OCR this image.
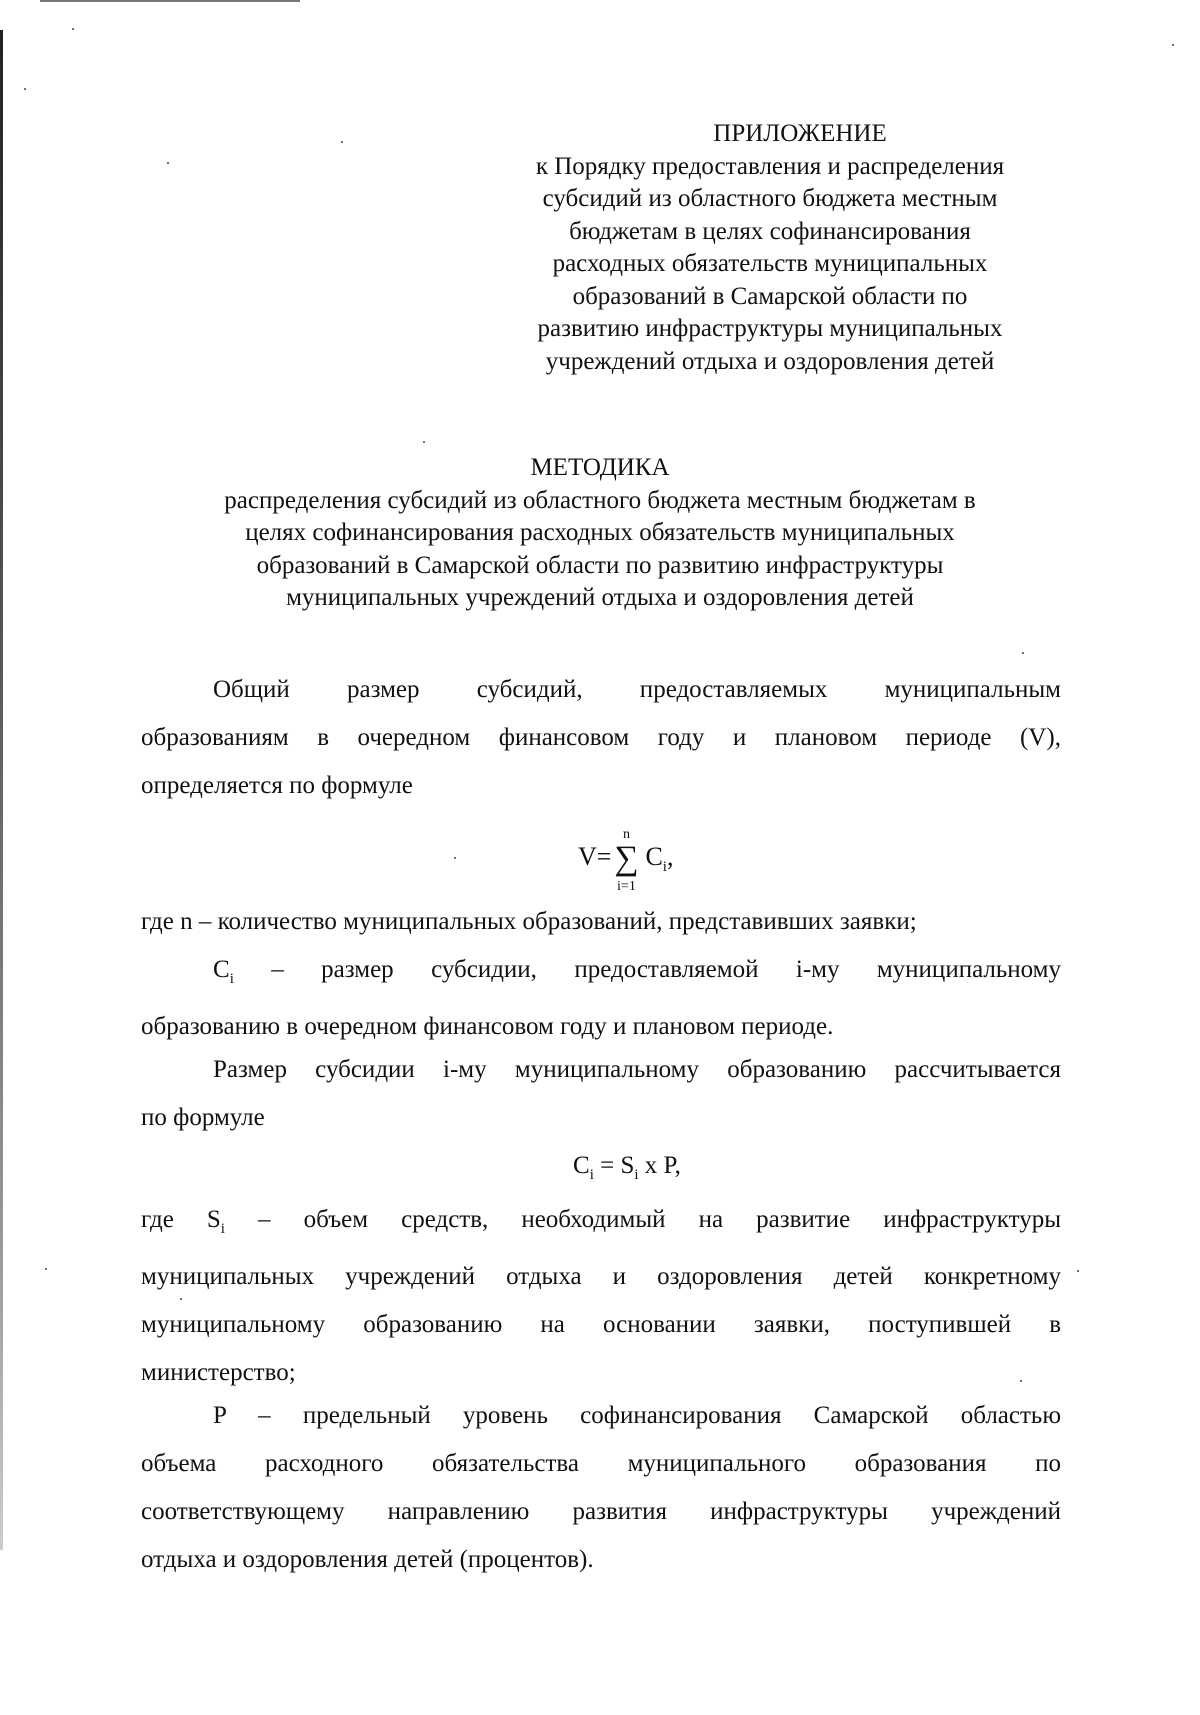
ПРИЛОЖЕНИЕ
к Порядку предоставления и распределения
субсидий из областного бюджета местным
бюджетам в целях софинансирования
расходных обязательств муниципальных
образований в Самарской области по
развитию инфраструктуры муниципальных
учреждений отдыха и оздоровления детей
МЕТОДИКА
распределения субсидий из областного бюджета местным бюджетам в
целях софинансирования расходных обязательств муниципальных
образований в Самарской области по развитию инфраструктуры
муниципальных учреждений отдыха и оздоровления детей
Общий размер субсидий, предоставляемых муниципальным
образованиям в очередном финансовом году и плановом периоде (V),
определяется по формуле
V=
n
∑
i=1
$C_i$,
где n – количество муниципальных образований, представивших заявки;
$C_i$ – размер субсидии, предоставляемой i-му муниципальному
образованию в очередном финансовом году и плановом периоде.
Размер субсидии i-му муниципальному образованию рассчитывается
по формуле
$C_i = S_i$ x P,
где $S_i$ – объем средств, необходимый на развитие инфраструктуры
муниципальных учреждений отдыха и оздоровления детей конкретному
муниципальному образованию на основании заявки, поступившей в
министерство;
P – предельный уровень софинансирования Самарской областью
объема расходного обязательства муниципального образования по
соответствующему направлению развития инфраструктуры учреждений
отдыха и оздоровления детей (процентов).
